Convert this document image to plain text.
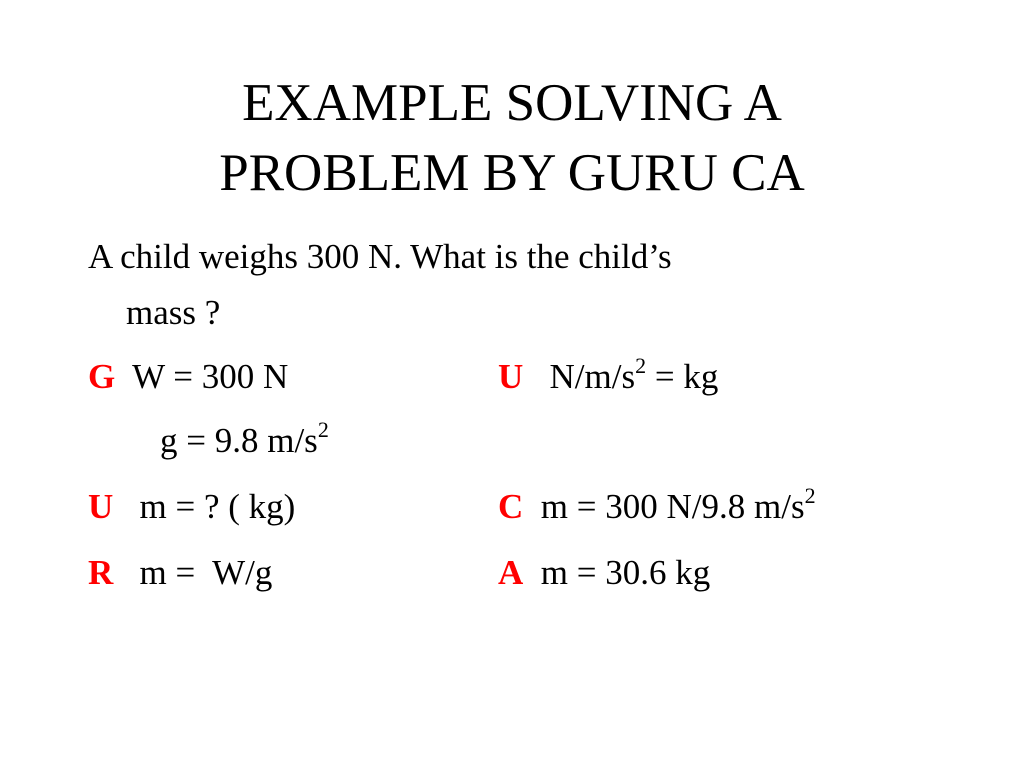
EXAMPLE SOLVING A
PROBLEM BY GURU CA
A child weighs 300 N. What is the child’s
mass ?
G W = 300 N
g = 9.8 $m/s^2$
U m = ? ( kg)
R m =  W/g
U $N/m/s^2$ = kg
C m = 300 N/9.8 $m/s^2$
A m = 30.6 kg
